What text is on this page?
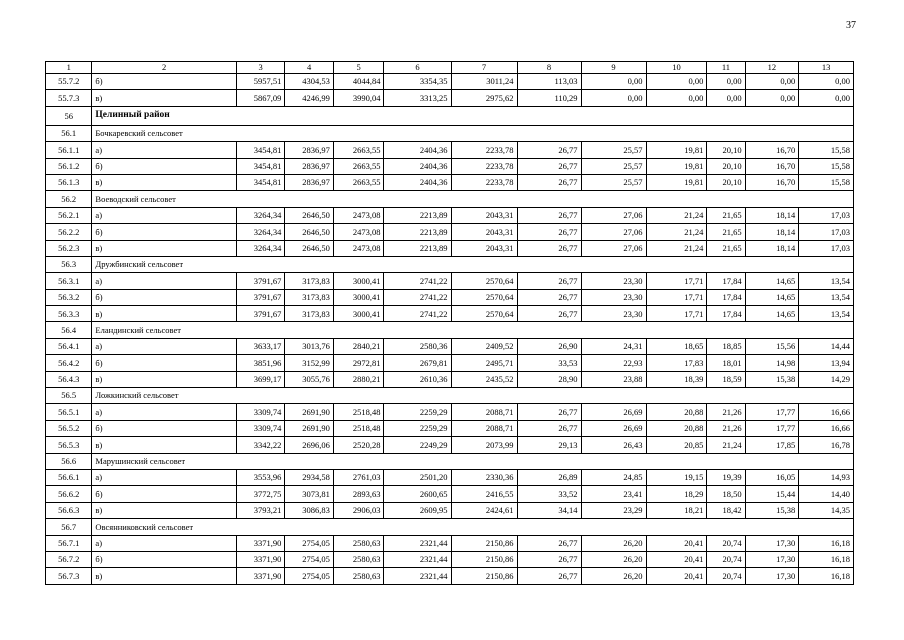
37
1	2	3	4	5	6	7	8	9	10	11	12	13
55.7.2	б)	5957,51	4304,53	4044,84	3354,35	3011,24	113,03	0,00	0,00	0,00	0,00	0,00
55.7.3	в)	5867,09	4246,99	3990,04	3313,25	2975,62	110,29	0,00	0,00	0,00	0,00	0,00
56	Целинный район											
56.1	Бочкаревский сельсовет											
56.1.1	а)	3454,81	2836,97	2663,55	2404,36	2233,78	26,77	25,57	19,81	20,10	16,70	15,58
56.1.2	б)	3454,81	2836,97	2663,55	2404,36	2233,78	26,77	25,57	19,81	20,10	16,70	15,58
56.1.3	в)	3454,81	2836,97	2663,55	2404,36	2233,78	26,77	25,57	19,81	20,10	16,70	15,58
56.2	Воеводский сельсовет											
56.2.1	а)	3264,34	2646,50	2473,08	2213,89	2043,31	26,77	27,06	21,24	21,65	18,14	17,03
56.2.2	б)	3264,34	2646,50	2473,08	2213,89	2043,31	26,77	27,06	21,24	21,65	18,14	17,03
56.2.3	в)	3264,34	2646,50	2473,08	2213,89	2043,31	26,77	27,06	21,24	21,65	18,14	17,03
56.3	Дружбинский сельсовет											
56.3.1	а)	3791,67	3173,83	3000,41	2741,22	2570,64	26,77	23,30	17,71	17,84	14,65	13,54
56.3.2	б)	3791,67	3173,83	3000,41	2741,22	2570,64	26,77	23,30	17,71	17,84	14,65	13,54
56.3.3	в)	3791,67	3173,83	3000,41	2741,22	2570,64	26,77	23,30	17,71	17,84	14,65	13,54
56.4	Еландинский сельсовет											
56.4.1	а)	3633,17	3013,76	2840,21	2580,36	2409,52	26,90	24,31	18,65	18,85	15,56	14,44
56.4.2	б)	3851,96	3152,99	2972,81	2679,81	2495,71	33,53	22,93	17,83	18,01	14,98	13,94
56.4.3	в)	3699,17	3055,76	2880,21	2610,36	2435,52	28,90	23,88	18,39	18,59	15,38	14,29
56.5	Ложкинский сельсовет											
56.5.1	а)	3309,74	2691,90	2518,48	2259,29	2088,71	26,77	26,69	20,88	21,26	17,77	16,66
56.5.2	б)	3309,74	2691,90	2518,48	2259,29	2088,71	26,77	26,69	20,88	21,26	17,77	16,66
56.5.3	в)	3342,22	2696,06	2520,28	2249,29	2073,99	29,13	26,43	20,85	21,24	17,85	16,78
56.6	Марушинский сельсовет											
56.6.1	а)	3553,96	2934,58	2761,03	2501,20	2330,36	26,89	24,85	19,15	19,39	16,05	14,93
56.6.2	б)	3772,75	3073,81	2893,63	2600,65	2416,55	33,52	23,41	18,29	18,50	15,44	14,40
56.6.3	в)	3793,21	3086,83	2906,03	2609,95	2424,61	34,14	23,29	18,21	18,42	15,38	14,35
56.7	Овсянниковский сельсовет											
56.7.1	а)	3371,90	2754,05	2580,63	2321,44	2150,86	26,77	26,20	20,41	20,74	17,30	16,18
56.7.2	б)	3371,90	2754,05	2580,63	2321,44	2150,86	26,77	26,20	20,41	20,74	17,30	16,18
56.7.3	в)	3371,90	2754,05	2580,63	2321,44	2150,86	26,77	26,20	20,41	20,74	17,30	16,18
